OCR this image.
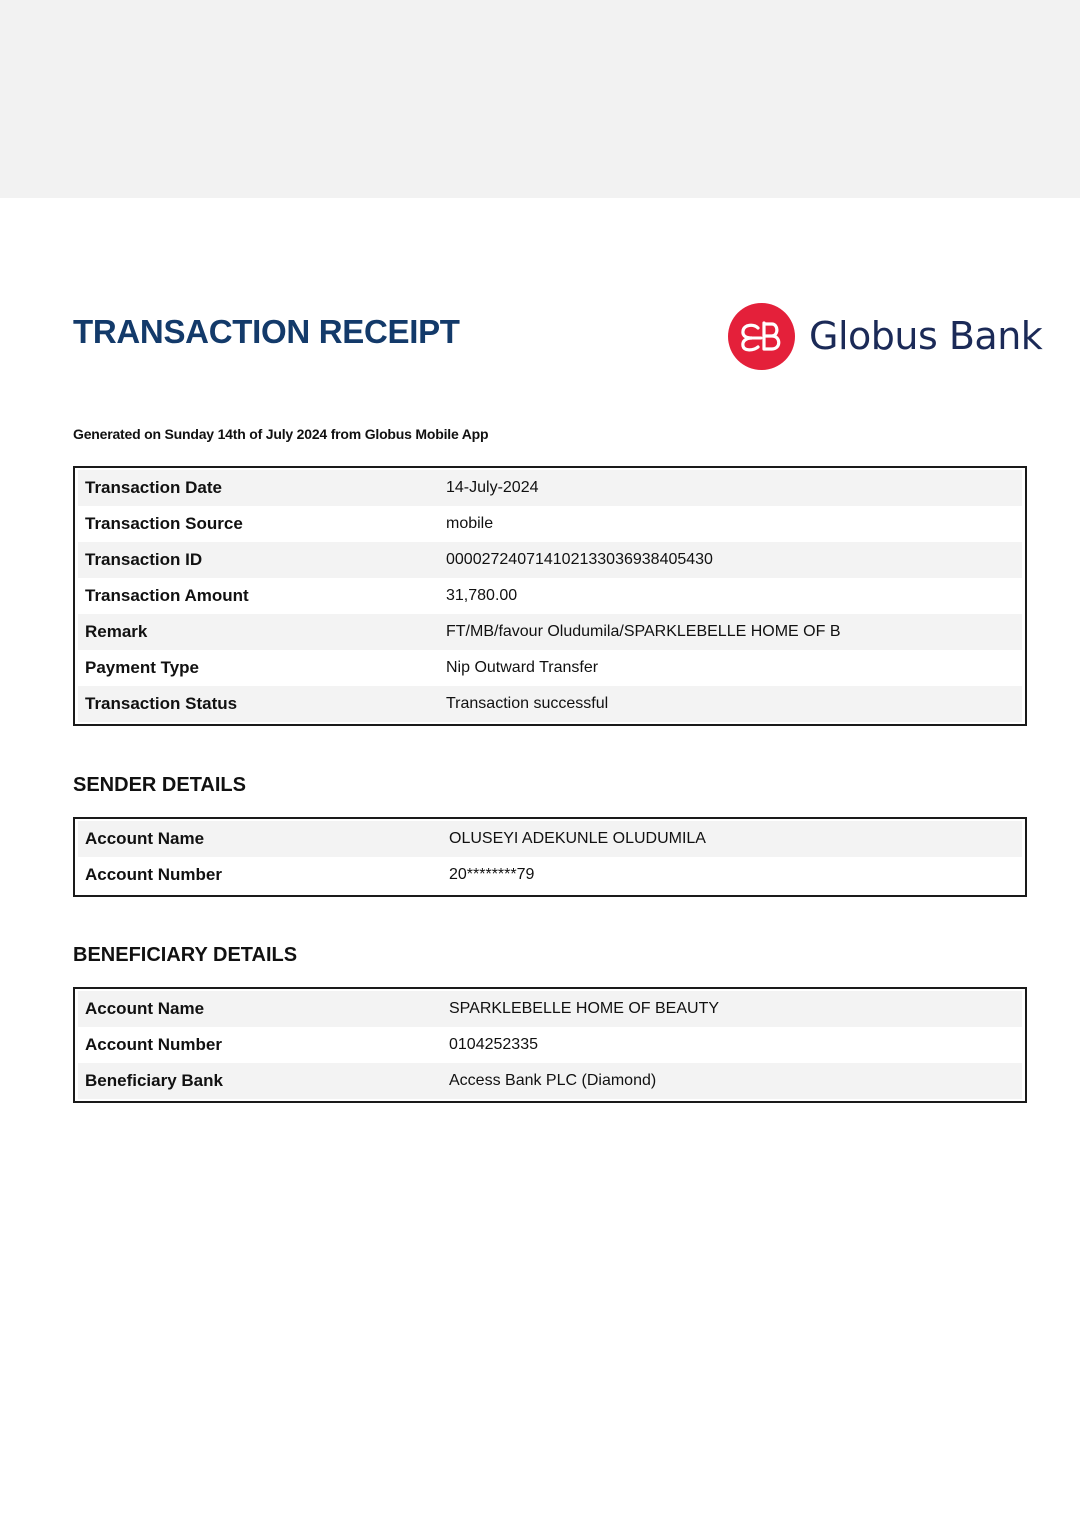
TRANSACTION RECEIPT	Globus Bank

Generated on Sunday 14th of July 2024 from Globus Mobile App

Transaction Date	14-July-2024
Transaction Source	mobile
Transaction ID	000027240714102133036938405430
Transaction Amount	31,780.00
Remark	FT/MB/favour Oludumila/SPARKLEBELLE HOME OF B
Payment Type	Nip Outward Transfer
Transaction Status	Transaction successful
SENDER DETAILS
Account Name	OLUSEYI ADEKUNLE OLUDUMILA
Account Number	20********79
BENEFICIARY DETAILS
Account Name	SPARKLEBELLE HOME OF BEAUTY
Account Number	0104252335
Beneficiary Bank	Access Bank PLC (Diamond)
